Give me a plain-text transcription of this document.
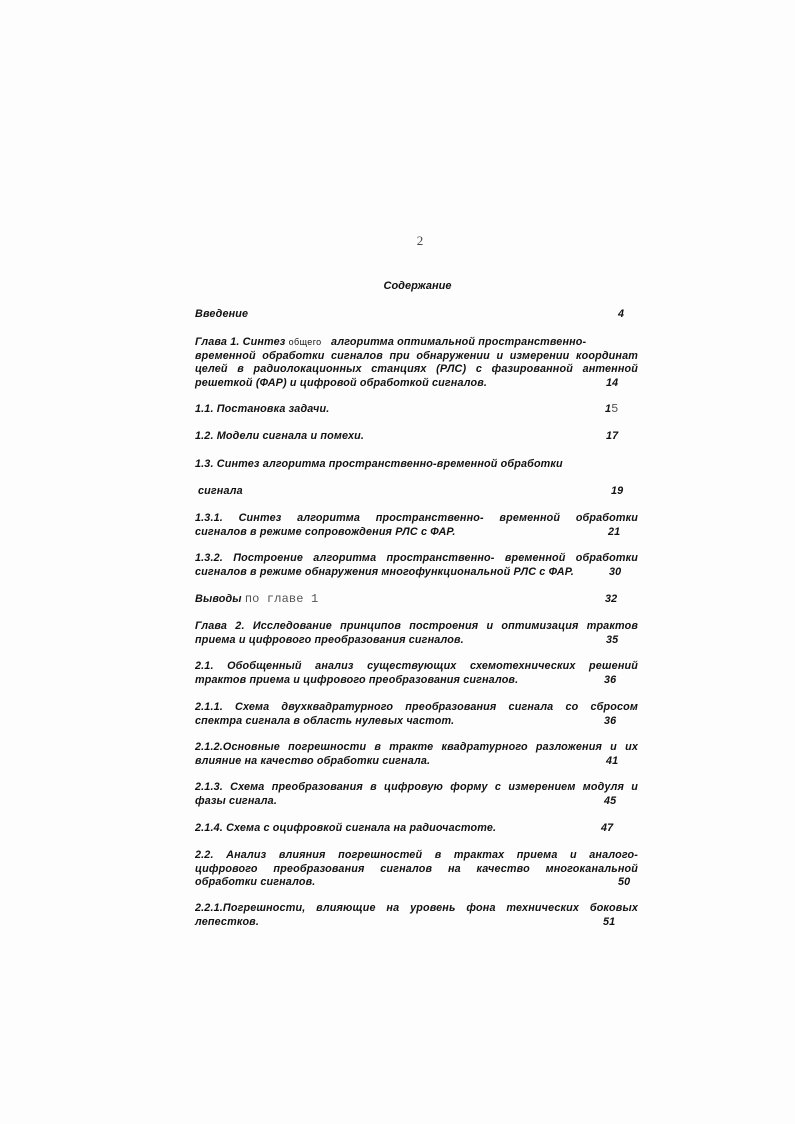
2
Содержание
Введение	4
Глава 1. Синтез общего алгоритма оптимальной пространственно-
временной обработки сигналов при обнаружении и измерении координат
целей в радиолокационных станциях (РЛС) с фазированной антенной
решеткой (ФАР) и цифровой обработкой сигналов.	14
1.1. Постановка задачи.	15
1.2. Модели сигнала и помехи.	17
1.3. Синтез алгоритма пространственно-временной обработки
сигнала	19
1.3.1. Синтез алгоритма пространственно- временной обработки
сигналов в режиме сопровождения РЛС с ФАР.	21
1.3.2. Построение алгоритма пространственно- временной обработки
сигналов в режиме обнаружения многофункциональной РЛС с ФАР.	30
Выводы по главе 1	32
Глава 2. Исследование принципов построения и оптимизация трактов
приема и цифрового преобразования сигналов.	35
2.1. Обобщенный анализ существующих схемотехнических решений
трактов приема и цифрового преобразования сигналов.	36
2.1.1. Схема двухквадратурного преобразования сигнала со сбросом
спектра сигнала в область нулевых частот.	36
2.1.2.Основные погрешности в тракте квадратурного разложения и их
влияние на качество обработки сигнала.	41
2.1.3. Схема преобразования в цифровую форму с измерением модуля и
фазы сигнала.	45
2.1.4. Схема с оцифровкой сигнала на радиочастоте.	47
2.2. Анализ влияния погрешностей в трактах приема и аналого-
цифрового преобразования сигналов на качество многоканальной
обработки сигналов.	50
2.2.1.Погрешности, влияющие на уровень фона технических боковых
лепестков.	51
